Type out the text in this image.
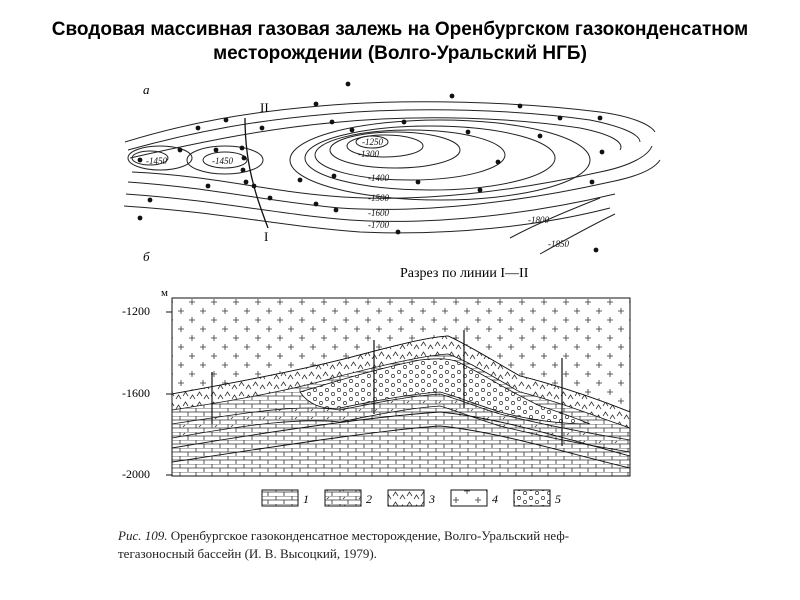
Сводовая массивная газовая залежь на Оренбургском газоконденсатном
месторождении (Волго-Уральский НГБ)
а
II
I
-1250
-1300
-1400
-1450	-1450
-1500
-1600
-1700	-1800
-1850
б
Разрез по линии I—II
м
-1200
-1600
-2000
1	2	3	4	5
Рис. 109. Оренбургское газоконденсатное месторождение, Волго-Уральский неф-
тегазоносный бассейн (И. В. Высоцкий, 1979).
